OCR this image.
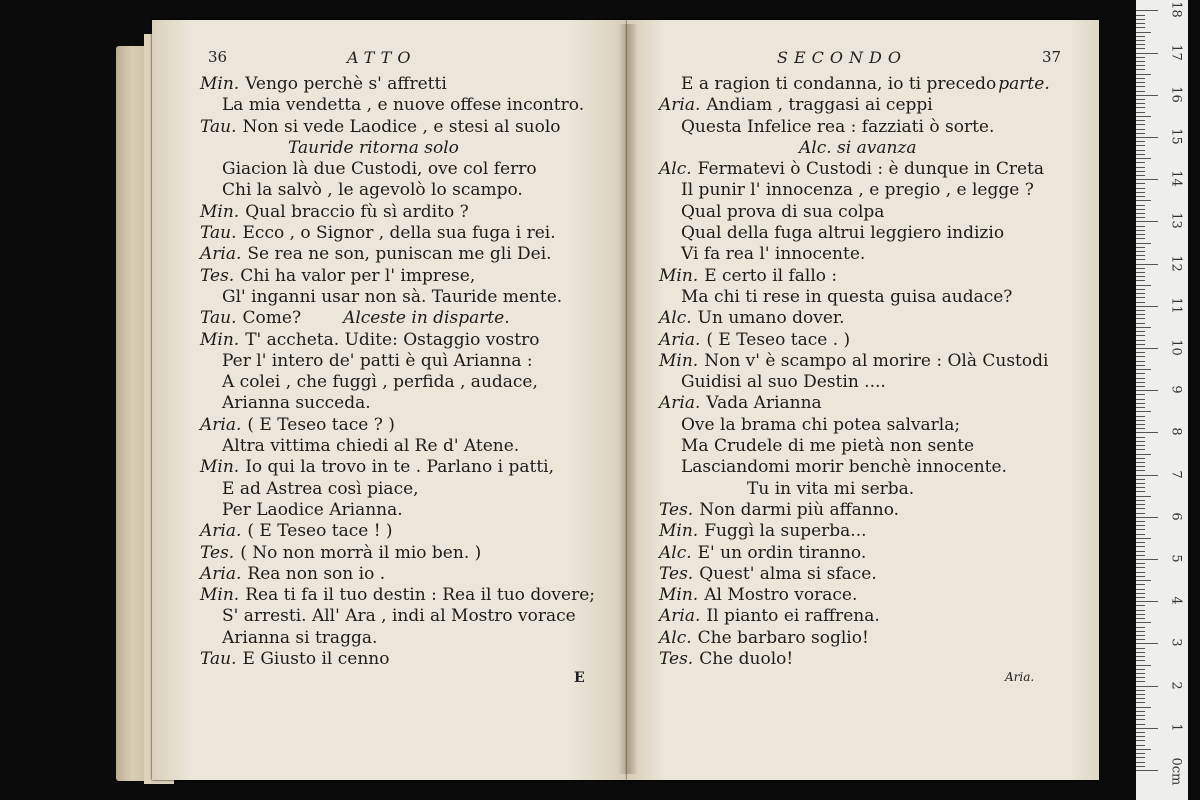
36	ATTO
Min. Vengo perchè s' affretti
La mia vendetta , e nuove offese incontro.
Tau. Non si vede Laodice , e stesi al suolo
Tauride ritorna solo
Giacion là due Custodi, ove col ferro
Chi la salvò , le agevolò lo scampo.
Min. Qual braccio fù sì ardito ?
Tau. Ecco , o Signor , della sua fuga i rei.
Aria. Se rea ne son, puniscan me gli Dei.
Tes. Chi ha valor per l' imprese,
Gl' inganni usar non sà. Tauride mente.
Tau. Come? Alceste in disparte.
Min. T' accheta. Udite: Ostaggio vostro
Per l' intero de' patti è quì Arianna :
A colei , che fuggì , perfida , audace,
Arianna succeda.
Aria. ( E Teseo tace ? )
Altra vittima chiedi al Re d' Atene.
Min. Io qui la trovo in te . Parlano i patti,
E ad Astrea così piace,
Per Laodice Arianna.
Aria. ( E Teseo tace ! )
Tes. ( No non morrà il mio ben. )
Aria. Rea non son io .
Min. Rea ti fa il tuo destin : Rea il tuo dovere;
S' arresti. All' Ara , indi al Mostro vorace
Arianna si tragga.
Tau. E Giusto il cenno
E
SECONDO	37
E a ragion ti condanna, io ti precedo parte.
Aria. Andiam , traggasi ai ceppi
Questa Infelice rea : fazziati ò sorte.
Alc. si avanza
Alc. Fermatevi ò Custodi : è dunque in Creta
Il punir l' innocenza , e pregio , e legge ?
Qual prova di sua colpa
Qual della fuga altrui leggiero indizio
Vi fa rea l' innocente.
Min. E certo il fallo :
Ma chi ti rese in questa guisa audace?
Alc. Un umano dover.
Aria. ( E Teseo tace . )
Min. Non v' è scampo al morire : Olà Custodi
Guidisi al suo Destin ....
Aria. Vada Arianna
Ove la brama chi potea salvarla;
Ma Crudele di me pietà non sente
Lasciandomi morir benchè innocente.
Tu in vita mi serba.
Tes. Non darmi più affanno.
Min. Fuggì la superba...
Alc. E' un ordin tiranno.
Tes. Quest' alma si sface.
Min. Al Mostro vorace.
Aria. Il pianto ei raffrena.
Alc. Che barbaro soglio!
Tes. Che duolo!
Aria.
0cm
1
2
3
4
5
6
7
8
9
10
11
12
13
14
15
16
17
18
